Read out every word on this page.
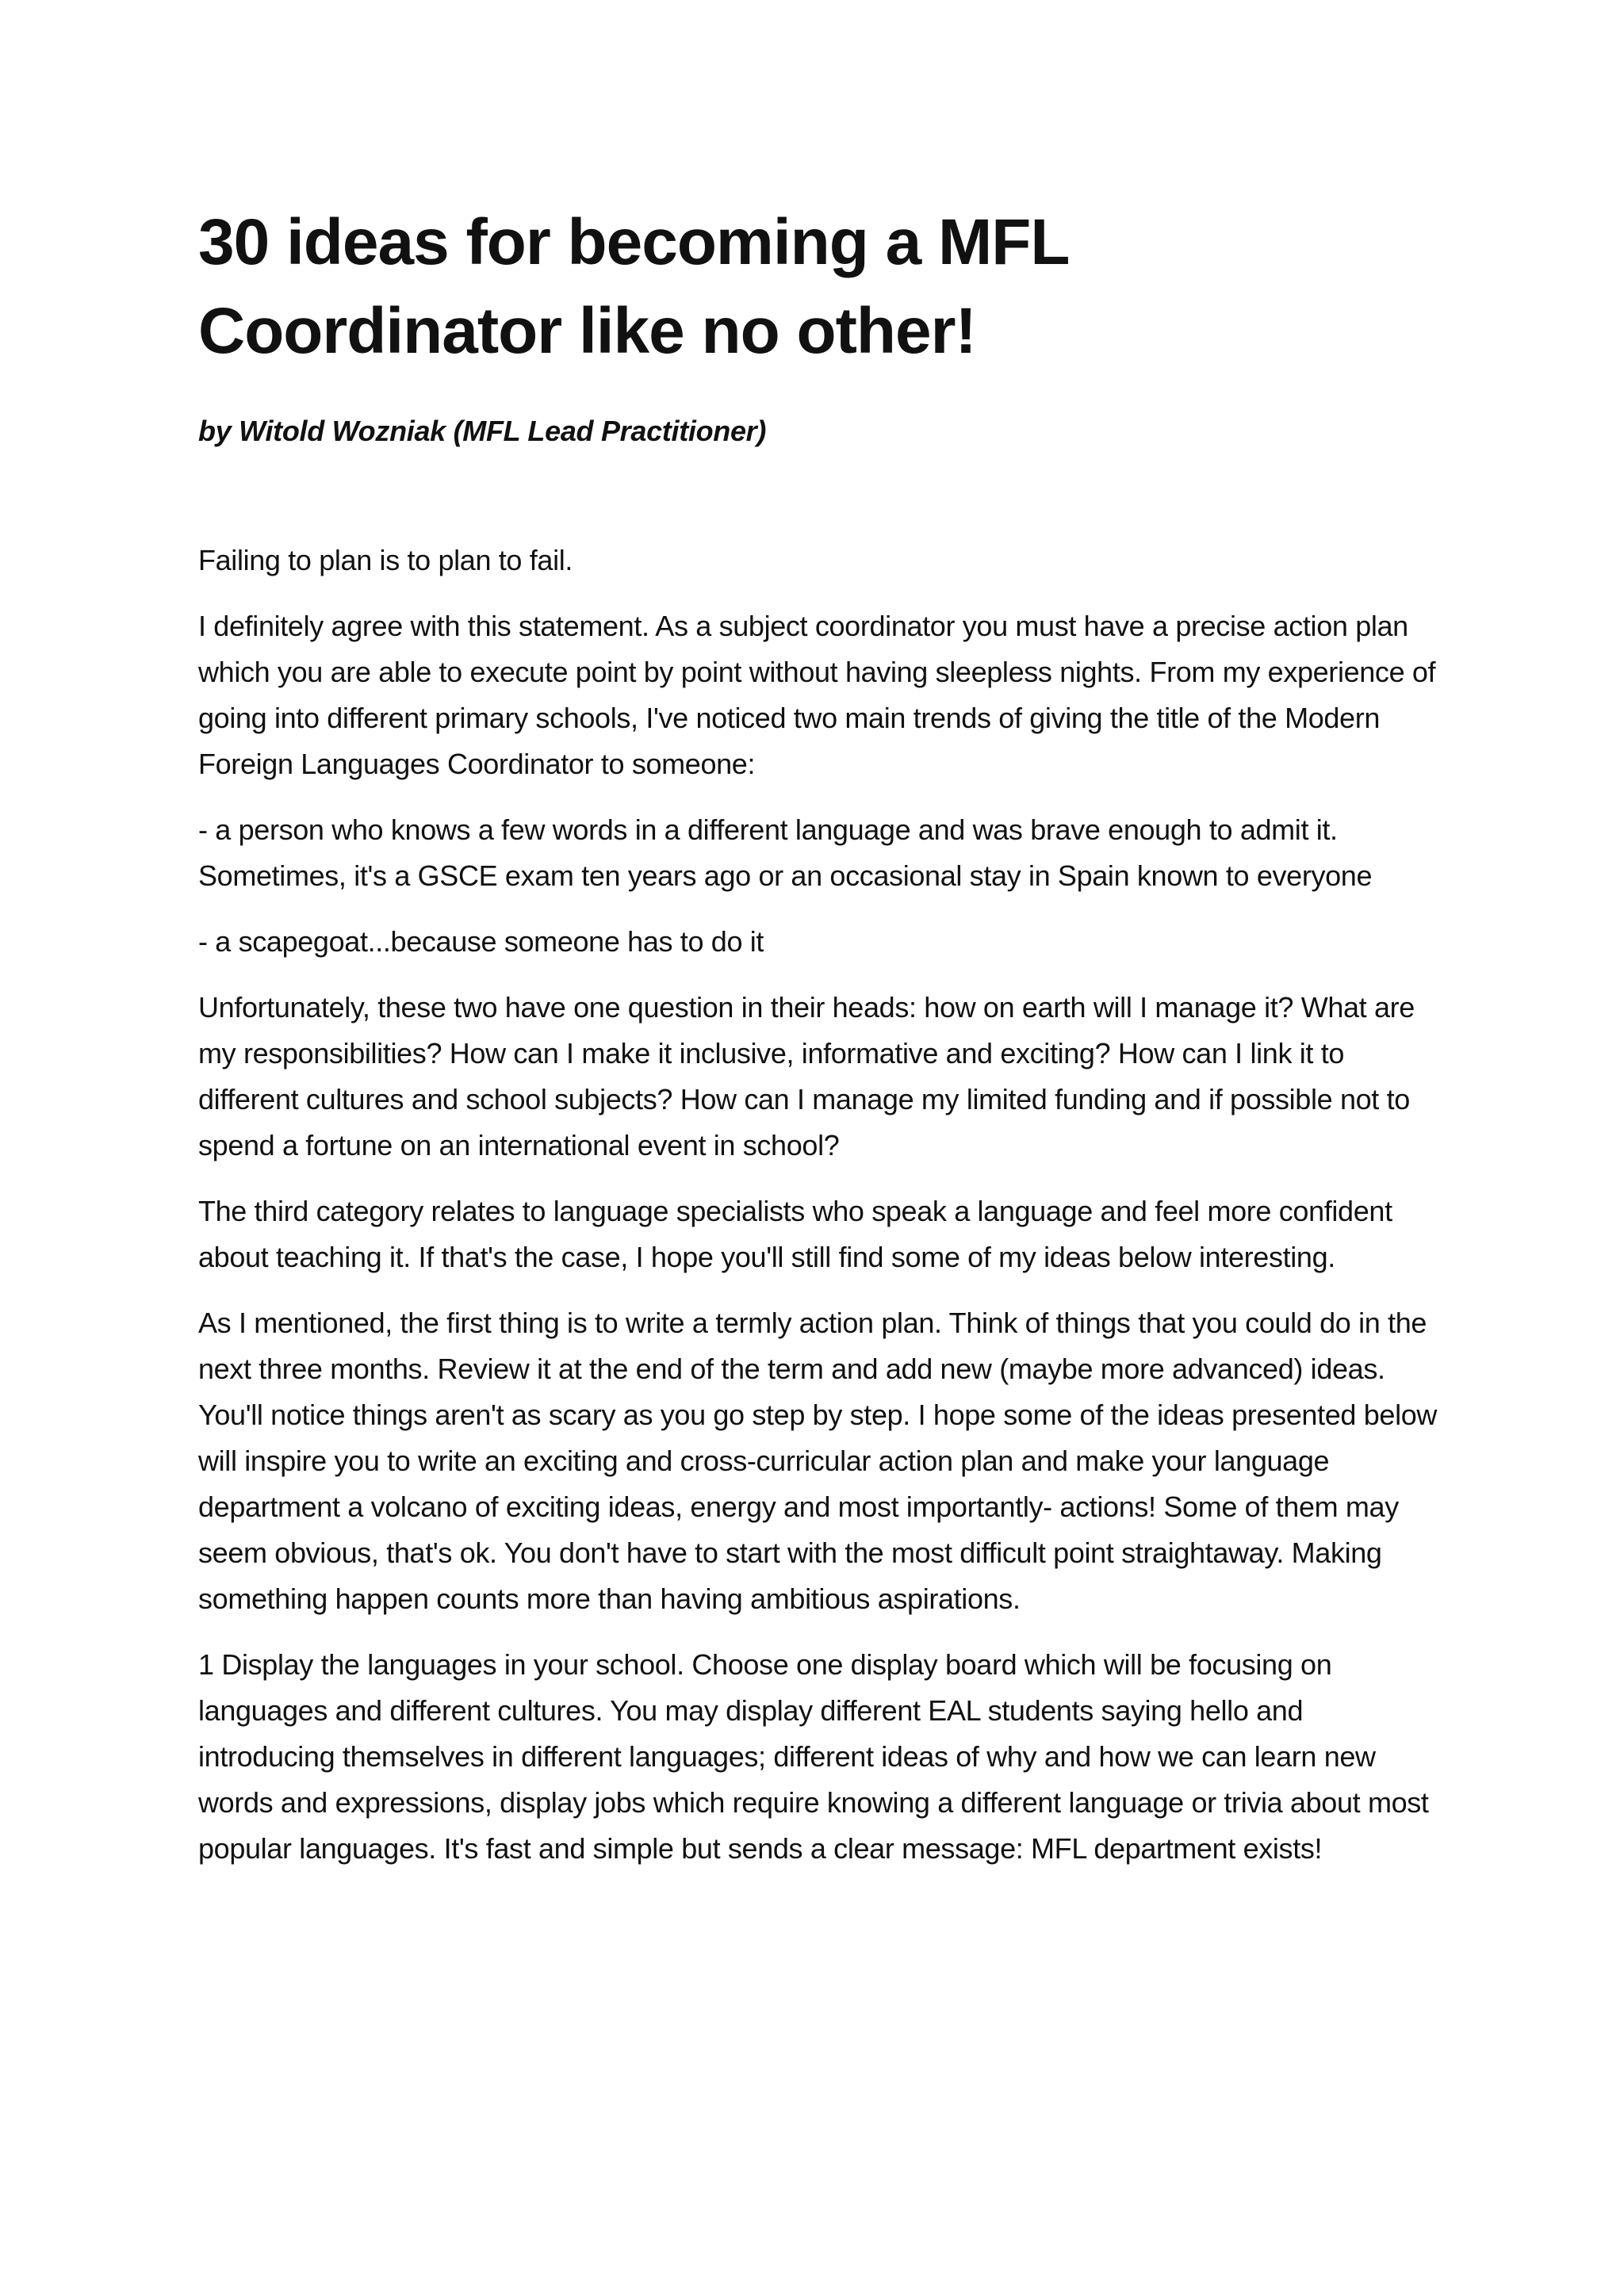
30 ideas for becoming a MFL Coordinator like no other!

by Witold Wozniak (MFL Lead Practitioner)

Failing to plan is to plan to fail.

I definitely agree with this statement. As a subject coordinator you must have a precise action plan which you are able to execute point by point without having sleepless nights. From my experience of going into different primary schools, I've noticed two main trends of giving the title of the Modern Foreign Languages Coordinator to someone:

- a person who knows a few words in a different language and was brave enough to admit it. Sometimes, it's a GSCE exam ten years ago or an occasional stay in Spain known to everyone

- a scapegoat...because someone has to do it

Unfortunately, these two have one question in their heads: how on earth will I manage it? What are my responsibilities? How can I make it inclusive, informative and exciting? How can I link it to different cultures and school subjects? How can I manage my limited funding and if possible not to spend a fortune on an international event in school?

The third category relates to language specialists who speak a language and feel more confident about teaching it. If that's the case, I hope you'll still find some of my ideas below interesting.

As I mentioned, the first thing is to write a termly action plan. Think of things that you could do in the next three months. Review it at the end of the term and add new (maybe more advanced) ideas. You'll notice things aren't as scary as you go step by step. I hope some of the ideas presented below will inspire you to write an exciting and cross-curricular action plan and make your language department a volcano of exciting ideas, energy and most importantly- actions! Some of them may seem obvious, that's ok. You don't have to start with the most difficult point straightaway. Making something happen counts more than having ambitious aspirations.

1 Display the languages in your school. Choose one display board which will be focusing on languages and different cultures. You may display different EAL students saying hello and introducing themselves in different languages; different ideas of why and how we can learn new words and expressions, display jobs which require knowing a different language or trivia about most popular languages. It's fast and simple but sends a clear message: MFL department exists!
